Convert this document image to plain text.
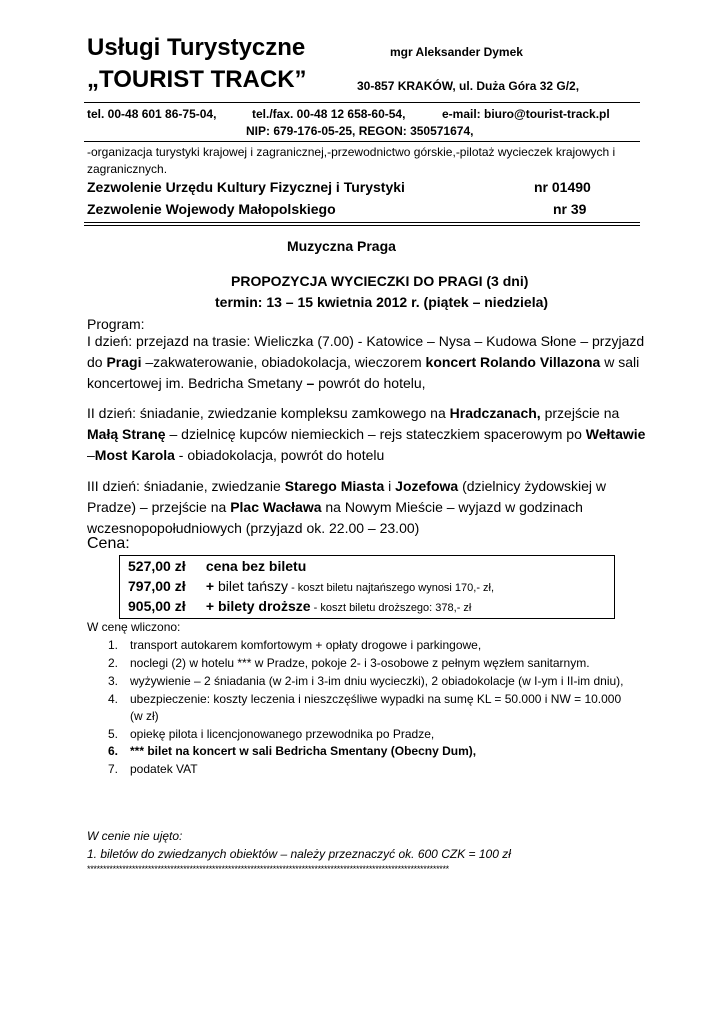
Usługi Turystyczne	mgr Aleksander Dymek
„TOURIST TRACK”	30-857 KRAKÓW, ul. Duża Góra 32 G/2,
tel. 00-48 601 86-75-04,	tel./fax. 00-48 12 658-60-54,	e-mail: biuro@tourist-track.pl
NIP: 679-176-05-25, REGON: 350571674,
-organizacja turystyki krajowej i zagranicznej,-przewodnictwo górskie,-pilotaż wycieczek krajowych i zagranicznych.
Zezwolenie Urzędu Kultury Fizycznej i Turystyki	nr 01490
Zezwolenie Wojewody Małopolskiego	nr 39
Muzyczna Praga
PROPOZYCJA WYCIECZKI DO PRAGI (3 dni)
termin: 13 – 15 kwietnia 2012 r. (piątek – niedziela)
Program:
I dzień: przejazd na trasie: Wieliczka (7.00) - Katowice – Nysa – Kudowa Słone – przyjazd do Pragi –zakwaterowanie, obiadokolacja, wieczorem koncert Rolando Villazona w sali koncertowej im. Bedricha Smetany – powrót do hotelu,
II dzień: śniadanie, zwiedzanie kompleksu zamkowego na Hradczanach, przejście na Małą Stranę – dzielnicę kupców niemieckich – rejs stateczkiem spacerowym po Wełtawie –Most Karola - obiadokolacja, powrót do hotelu
III dzień: śniadanie, zwiedzanie Starego Miasta i Jozefowa (dzielnicy żydowskiej w Pradze) – przejście na Plac Wacława na Nowym Mieście – wyjazd w godzinach wczesnopopołudniowych (przyjazd ok. 22.00 – 23.00)
Cena:
527,00 zł cena bez biletu
797,00 zł + bilet tańszy - koszt biletu najtańszego wynosi 170,- zł,
905,00 zł + bilety droższe - koszt biletu droższego: 378,- zł
W cenę wliczono:
1. transport autokarem komfortowym + opłaty drogowe i parkingowe,
2. noclegi (2) w hotelu *** w Pradze, pokoje 2- i 3-osobowe z pełnym węzłem sanitarnym.
3. wyżywienie – 2 śniadania (w 2-im i 3-im dniu wycieczki), 2 obiadokolacje (w I-ym i II-im dniu),
4. ubezpieczenie: koszty leczenia i nieszczęśliwe wypadki na sumę KL = 50.000 i NW = 10.000
(w zł)
5. opiekę pilota i licencjonowanego przewodnika po Pradze,
6. *** bilet na koncert w sali Bedricha Smentany (Obecny Dum),
7. podatek VAT
W cenie nie ujęto:
1. biletów do zwiedzanych obiektów – należy przeznaczyć ok. 600 CZK = 100 zł
*****************************************************************************************************************
